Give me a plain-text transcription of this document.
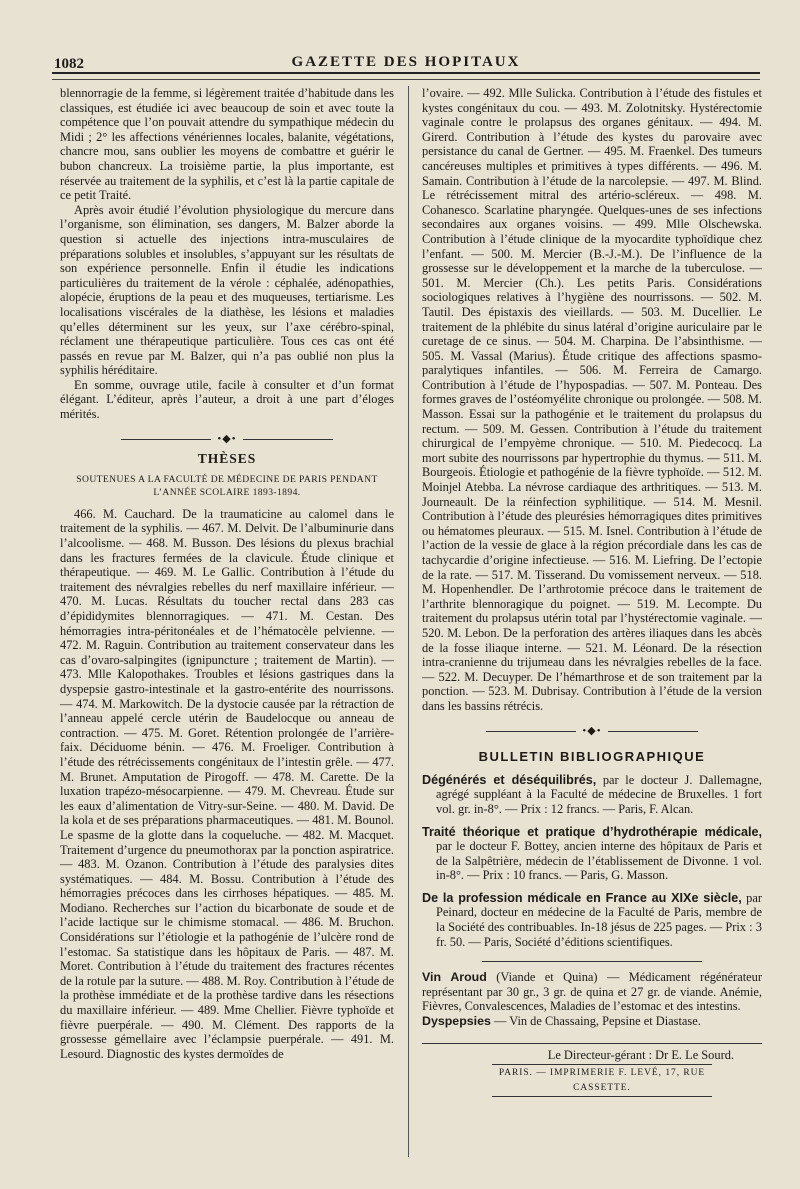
1082	GAZETTE DES HOPITAUX

blennorragie de la femme, si légèrement traitée d’habitude dans les classiques, est étudiée ici avec beaucoup de soin et avec toute la compétence que l’on pouvait attendre du sympathique médecin du Midi ; 2° les affections vénériennes locales, balanite, végétations, chancre mou, sans oublier les moyens de combattre et guérir le bubon chancreux. La troisième partie, la plus importante, est réservée au traitement de la syphilis, et c’est là la partie capitale de ce petit Traité.

Après avoir étudié l’évolution physiologique du mercure dans l’organisme, son élimination, ses dangers, M. Balzer aborde la question si actuelle des injections intra-musculaires de préparations solubles et insolubles, s’appuyant sur les résultats de son expérience personnelle. Enfin il étudie les indications particulières du traitement de la vérole : céphalée, adénopathies, alopécie, éruptions de la peau et des muqueuses, tertiarisme. Les localisations viscérales de la diathèse, les lésions et maladies qu’elles déterminent sur les yeux, sur l’axe cérébro-spinal, réclament une thérapeutique particulière. Tous ces cas ont été passés en revue par M. Balzer, qui n’a pas oublié non plus la syphilis héréditaire.

En somme, ouvrage utile, facile à consulter et d’un format élégant. L’éditeur, après l’auteur, a droit à une part d’éloges mérités.

•◆•
THÈSES
SOUTENUES A LA FACULTÉ DE MÉDECINE DE PARIS PENDANT L’ANNÉE SCOLAIRE 1893-1894.

466. M. Cauchard. De la traumaticine au calomel dans le traitement de la syphilis. — 467. M. Delvit. De l’albuminurie dans l’alcoolisme. — 468. M. Busson. Des lésions du plexus brachial dans les fractures fermées de la clavicule. Étude clinique et thérapeutique. — 469. M. Le Gallic. Contribution à l’étude du traitement des névralgies rebelles du nerf maxillaire inférieur. — 470. M. Lucas. Résultats du toucher rectal dans 283 cas d’épididymites blennorragiques. — 471. M. Cestan. Des hémorragies intra-péritonéales et de l’hématocèle pelvienne. — 472. M. Raguin. Contribution au traitement conservateur dans les cas d’ovaro-salpingites (ignipuncture ; traitement de Martin). — 473. Mlle Kalopothakes. Troubles et lésions gastriques dans la dyspepsie gastro-intestinale et la gastro-entérite des nourrissons. — 474. M. Markowitch. De la dystocie causée par la rétraction de l’anneau appelé cercle utérin de Baudelocque ou anneau de contraction. — 475. M. Goret. Rétention prolongée de l’arrière-faix. Déciduome bénin. — 476. M. Froeliger. Contribution à l’étude des rétrécissements congénitaux de l’intestin grêle. — 477. M. Brunet. Amputation de Pirogoff. — 478. M. Carette. De la luxation trapézo-mésocarpienne. — 479. M. Chevreau. Étude sur les eaux d’alimentation de Vitry-sur-Seine. — 480. M. David. De la kola et de ses préparations pharmaceutiques. — 481. M. Bounol. Le spasme de la glotte dans la coqueluche. — 482. M. Macquet. Traitement d’urgence du pneumothorax par la ponction aspiratrice. — 483. M. Ozanon. Contribution à l’étude des paralysies dites systématiques. — 484. M. Bossu. Contribution à l’étude des hémorragies précoces dans les cirrhoses hépatiques. — 485. M. Modiano. Recherches sur l’action du bicarbonate de soude et de l’acide lactique sur le chimisme stomacal. — 486. M. Bruchon. Considérations sur l’étiologie et la pathogénie de l’ulcère rond de l’estomac. Sa statistique dans les hôpitaux de Paris. — 487. M. Moret. Contribution à l’étude du traitement des fractures récentes de la rotule par la suture. — 488. M. Roy. Contribution à l’étude de la prothèse immédiate et de la prothèse tardive dans les résections du maxillaire inférieur. — 489. Mme Chellier. Fièvre typhoïde et fièvre puerpérale. — 490. M. Clément. Des rapports de la grossesse gémellaire avec l’éclampsie puerpérale. — 491. M. Lesourd. Diagnostic des kystes dermoïdes de

l’ovaire. — 492. Mlle Sulicka. Contribution à l’étude des fistules et kystes congénitaux du cou. — 493. M. Zolotnitsky. Hystérectomie vaginale contre le prolapsus des organes génitaux. — 494. M. Girerd. Contribution à l’étude des kystes du parovaire avec persistance du canal de Gertner. — 495. M. Fraenkel. Des tumeurs cancéreuses multiples et primitives à types différents. — 496. M. Samain. Contribution à l’étude de la narcolepsie. — 497. M. Blind. Le rétrécissement mitral des artério-scléreux. — 498. M. Cohanesco. Scarlatine pharyngée. Quelques-unes de ses infections secondaires aux organes voisins. — 499. Mlle Olschewska. Contribution à l’étude clinique de la myocardite typhoïdique chez l’enfant. — 500. M. Mercier (B.-J.-M.). De l’influence de la grossesse sur le développement et la marche de la tuberculose. — 501. M. Mercier (Ch.). Les petits Paris. Considérations sociologiques relatives à l’hygiène des nourrissons. — 502. M. Tautil. Des épistaxis des vieillards. — 503. M. Ducellier. Le traitement de la phlébite du sinus latéral d’origine auriculaire par le curetage de ce sinus. — 504. M. Charpina. De l’absinthisme. — 505. M. Vassal (Marius). Étude critique des affections spasmo-paralytiques infantiles. — 506. M. Ferreira de Camargo. Contribution à l’étude de l’hypospadias. — 507. M. Ponteau. Des formes graves de l’ostéomyélite chronique ou prolongée. — 508. M. Masson. Essai sur la pathogénie et le traitement du prolapsus du rectum. — 509. M. Gessen. Contribution à l’étude du traitement chirurgical de l’empyème chronique. — 510. M. Piedecocq. La mort subite des nourrissons par hypertrophie du thymus. — 511. M. Bourgeois. Étiologie et pathogénie de la fièvre typhoïde. — 512. M. Moinjel Atebba. La névrose cardiaque des arthritiques. — 513. M. Journeault. De la réinfection syphilitique. — 514. M. Mesnil. Contribution à l’étude des pleurésies hémorragiques dites primitives ou hématomes pleuraux. — 515. M. Isnel. Contribution à l’étude de l’action de la vessie de glace à la région précordiale dans les cas de tachycardie d’origine infectieuse. — 516. M. Liefring. De l’ectopie de la rate. — 517. M. Tisserand. Du vomissement nerveux. — 518. M. Hopenhendler. De l’arthrotomie précoce dans le traitement de l’arthrite blennoragique du poignet. — 519. M. Lecompte. Du traitement du prolapsus utérin total par l’hystérectomie vaginale. — 520. M. Lebon. De la perforation des artères iliaques dans les abcès de la fosse iliaque interne. — 521. M. Léonard. De la résection intra-cranienne du trijumeau dans les névralgies rebelles de la face. — 522. M. Decuyper. De l’hémarthrose et de son traitement par la ponction. — 523. M. Dubrisay. Contribution à l’étude de la version dans les bassins rétrécis.

•◆•
BULLETIN BIBLIOGRAPHIQUE

Dégénérés et déséquilibrés, par le docteur J. Dallemagne, agrégé suppléant à la Faculté de médecine de Bruxelles. 1 fort vol. gr. in-8°. — Prix : 12 francs. — Paris, F. Alcan.

Traité théorique et pratique d’hydrothérapie médicale, par le docteur F. Bottey, ancien interne des hôpitaux de Paris et de la Salpêtrière, médecin de l’établissement de Divonne. 1 vol. in-8°. — Prix : 10 francs. — Paris, G. Masson.

De la profession médicale en France au XIXe siècle, par Peinard, docteur en médecine de la Faculté de Paris, membre de la Société des contribuables. In-18 jésus de 225 pages. — Prix : 3 fr. 50. — Paris, Société d’éditions scientifiques.

Vin Aroud (Viande et Quina) — Médicament régénérateur représentant par 30 gr., 3 gr. de quina et 27 gr. de viande. Anémie, Fièvres, Convalescences, Maladies de l’estomac et des intestins.

Dyspepsies — Vin de Chassaing, Pepsine et Diastase.

Le Directeur-gérant : Dr E. Le Sourd.
PARIS. — IMPRIMERIE F. LEVÉ, 17, RUE CASSETTE.
